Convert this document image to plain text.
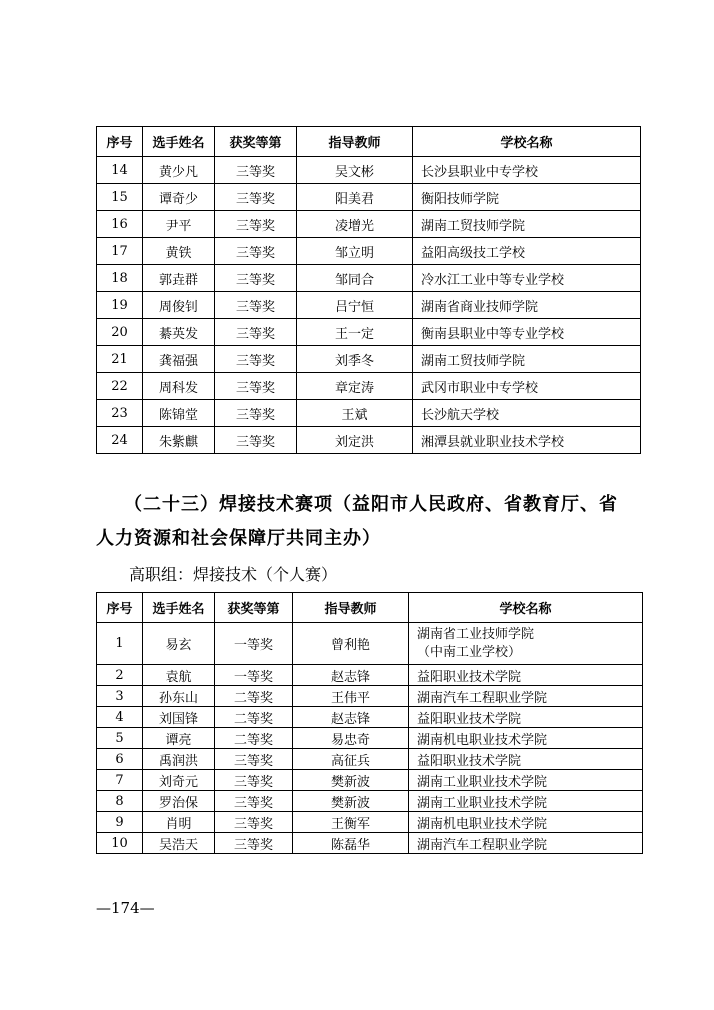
序号	选手姓名	获奖等第	指导教师	学校名称
14	黄少凡	三等奖	吴文彬	长沙县职业中专学校
15	谭奇少	三等奖	阳美君	衡阳技师学院
16	尹平	三等奖	凌增光	湖南工贸技师学院
17	黄铁	三等奖	邹立明	益阳高级技工学校
18	郭垚群	三等奖	邹同合	冷水江工业中等专业学校
19	周俊钊	三等奖	吕宁恒	湖南省商业技师学院
20	綦英发	三等奖	王一定	衡南县职业中等专业学校
21	龚福强	三等奖	刘季冬	湖南工贸技师学院
22	周科发	三等奖	章定涛	武冈市职业中专学校
23	陈锦堂	三等奖	王斌	长沙航天学校
24	朱紫麒	三等奖	刘定洪	湘潭县就业职业技术学校
（二十三）焊接技术赛项（益阳市人民政府、省教育厅、省
人力资源和社会保障厅共同主办）
高职组：焊接技术（个人赛）
序号	选手姓名	获奖等第	指导教师	学校名称
1	易玄	一等奖	曾利艳	湖南省工业技师学院
（中南工业学校）

2	袁航	一等奖	赵志锋	益阳职业技术学院
3	孙东山	二等奖	王伟平	湖南汽车工程职业学院
4	刘国锋	二等奖	赵志锋	益阳职业技术学院
5	谭亮	二等奖	易忠奇	湖南机电职业技术学院
6	禹润洪	三等奖	高征兵	益阳职业技术学院
7	刘奇元	三等奖	樊新波	湖南工业职业技术学院
8	罗治保	三等奖	樊新波	湖南工业职业技术学院
9	肖明	三等奖	王衡军	湖南机电职业技术学院
10	吴浩天	三等奖	陈磊华	湖南汽车工程职业学院
—174—
